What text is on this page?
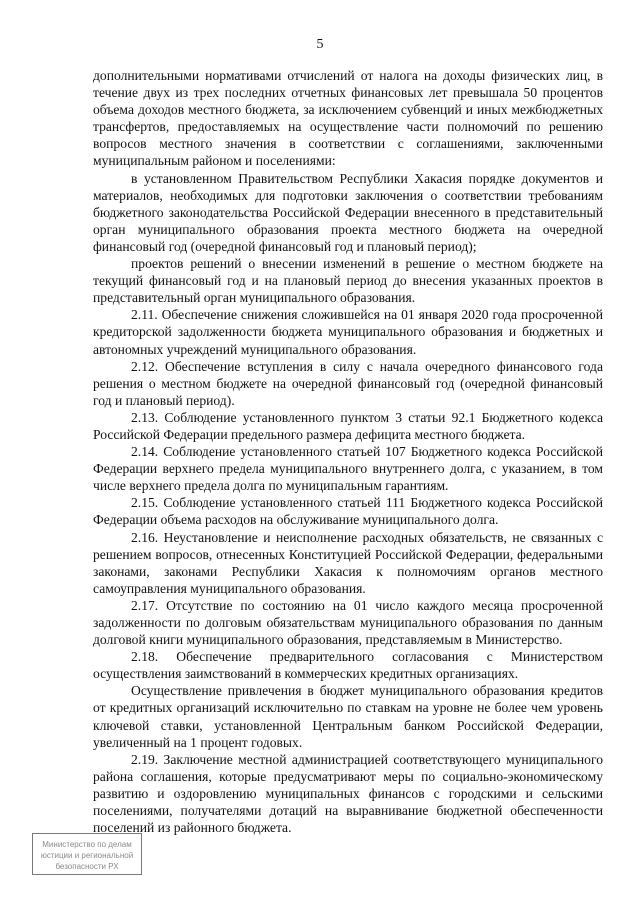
5

дополнительными нормативами отчислений от налога на доходы физических лиц, в течение двух из трех последних отчетных финансовых лет превышала 50 процентов объема доходов местного бюджета, за исключением субвенций и иных межбюджетных трансфертов, предоставляемых на осуществление части полномочий по решению вопросов местного значения в соответствии с соглашениями, заключенными муниципальным районом и поселениями:

в установленном Правительством Республики Хакасия порядке документов и материалов, необходимых для подготовки заключения о соответствии требованиям бюджетного законодательства Российской Федерации внесенного в представительный орган муниципального образования проекта местного бюджета на очередной финансовый год (очередной финансовый год и плановый период);

проектов решений о внесении изменений в решение о местном бюджете на текущий финансовый год и на плановый период до внесения указанных проектов в представительный орган муниципального образования.

2.11. Обеспечение снижения сложившейся на 01 января 2020 года просроченной кредиторской задолженности бюджета муниципального образования и бюджетных и автономных учреждений муниципального образования.

2.12. Обеспечение вступления в силу с начала очередного финансового года решения о местном бюджете на очередной финансовый год (очередной финансовый год и плановый период).

2.13. Соблюдение установленного пунктом 3 статьи 92.1 Бюджетного кодекса Российской Федерации предельного размера дефицита местного бюджета.

2.14. Соблюдение установленного статьей 107 Бюджетного кодекса Российской Федерации верхнего предела муниципального внутреннего долга, с указанием, в том числе верхнего предела долга по муниципальным гарантиям.

2.15. Соблюдение установленного статьей 111 Бюджетного кодекса Российской Федерации объема расходов на обслуживание муниципального долга.

2.16. Неустановление и неисполнение расходных обязательств, не связанных с решением вопросов, отнесенных Конституцией Российской Федерации, федеральными законами, законами Республики Хакасия к полномочиям органов местного самоуправления муниципального образования.

2.17. Отсутствие по состоянию на 01 число каждого месяца просроченной задолженности по долговым обязательствам муниципального образования по данным долговой книги муниципального образования, представляемым в Министерство.

2.18. Обеспечение предварительного согласования с Министерством осуществления заимствований в коммерческих кредитных организациях.

Осуществление привлечения в бюджет муниципального образования кредитов от кредитных организаций исключительно по ставкам на уровне не более чем уровень ключевой ставки, установленной Центральным банком Российской Федерации, увеличенный на 1 процент годовых.

2.19. Заключение местной администрацией соответствующего муниципального района соглашения, которые предусматривают меры по социально-экономическому развитию и оздоровлению муниципальных финансов с городскими и сельскими поселениями, получателями дотаций на выравнивание бюджетной обеспеченности поселений из районного бюджета.

Министерство по делам
юстиции и региональной
безопасности РХ
